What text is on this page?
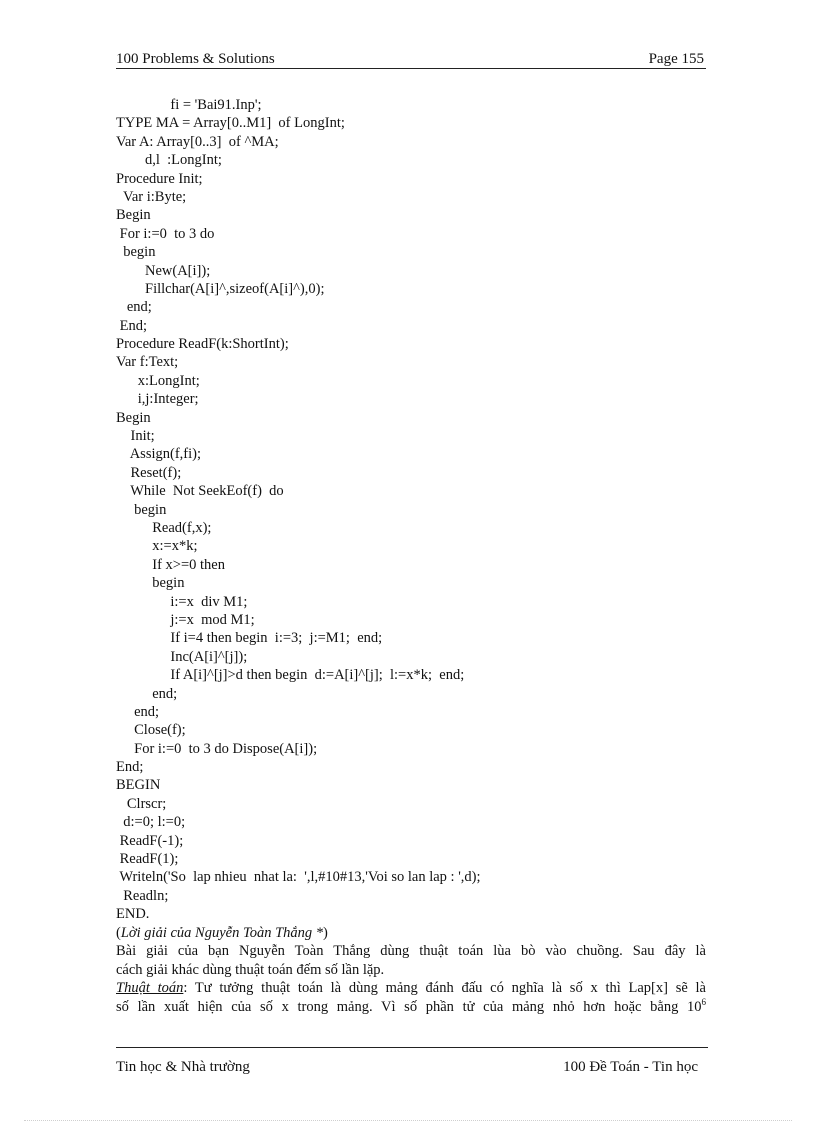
100 Problems & Solutions	Page 155
fi = 'Bai91.Inp';
TYPE MA = Array[0..M1]  of LongInt;
Var A: Array[0..3]  of ^MA;
d,l  :LongInt;
Procedure Init;
Var i:Byte;
Begin
For i:=0  to 3 do
begin
New(A[i]);
Fillchar(A[i]^,sizeof(A[i]^),0);
end;
End;
Procedure ReadF(k:ShortInt);
Var f:Text;
x:LongInt;
i,j:Integer;
Begin
Init;
Assign(f,fi);
Reset(f);
While  Not SeekEof(f)  do
begin
Read(f,x);
x:=x*k;
If x>=0 then
begin
i:=x  div M1;
j:=x  mod M1;
If i=4 then begin  i:=3;  j:=M1;  end;
Inc(A[i]^[j]);
If A[i]^[j]>d then begin  d:=A[i]^[j];  l:=x*k;  end;
end;
end;
Close(f);
For i:=0  to 3 do Dispose(A[i]);
End;
BEGIN
Clrscr;
d:=0; l:=0;
ReadF(-1);
ReadF(1);
Writeln('So  lap nhieu  nhat la:  ',l,#10#13,'Voi so lan lap : ',d);
Readln;
END.
(Lời giải của Nguyễn Toàn Thắng *)
Bài giải của bạn Nguyễn Toàn Thắng dùng thuật toán lùa bò vào chuồng. Sau đây là
cách giải khác dùng thuật toán đếm số lần lặp.
Thuật toán: Tư tưởng thuật toán là dùng mảng đánh đấu có nghĩa là số x thì Lap[x] sẽ là
số lần xuất hiện của số x trong mảng. Vì số phần tử của mảng nhỏ hơn hoặc bằng $10^6$
Tin học & Nhà trường	100 Đề Toán - Tin học
